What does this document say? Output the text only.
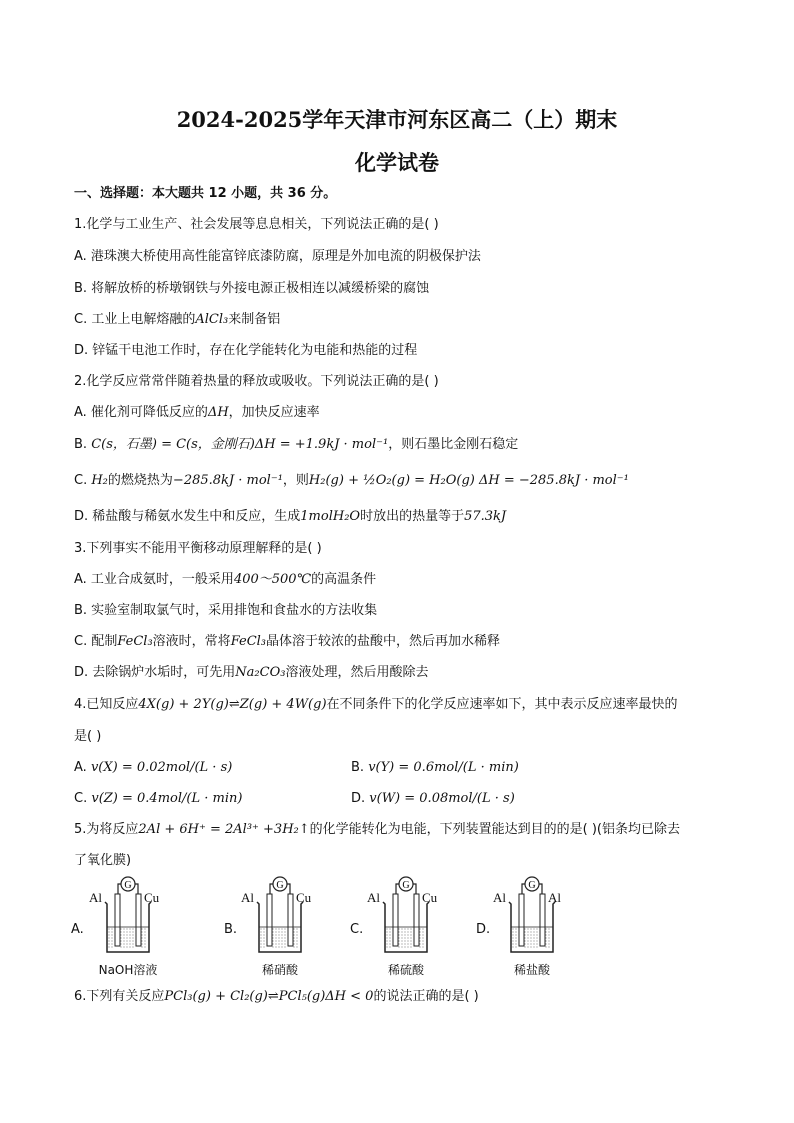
2024-2025学年天津市河东区高二（上）期末
化学试卷
一、选择题：本大题共 12 小题，共 36 分。
1.化学与工业生产、社会发展等息息相关，下列说法正确的是( )
A. 港珠澳大桥使用高性能富锌底漆防腐，原理是外加电流的阴极保护法
B. 将解放桥的桥墩钢铁与外接电源正极相连以减缓桥梁的腐蚀
C. 工业上电解熔融的AlCl₃来制备铝
D. 锌锰干电池工作时，存在化学能转化为电能和热能的过程
2.化学反应常常伴随着热量的释放或吸收。下列说法正确的是( )
A. 催化剂可降低反应的ΔH，加快反应速率
B. C(s，石墨) = C(s，金刚石)ΔH = +1.9kJ · mol⁻¹，则石墨比金刚石稳定
C. H₂的燃烧热为−285.8kJ · mol⁻¹，则H₂(g) + ½O₂(g) = H₂O(g) ΔH = −285.8kJ · mol⁻¹
D. 稀盐酸与稀氨水发生中和反应，生成1molH₂O时放出的热量等于57.3kJ
3.下列事实不能用平衡移动原理解释的是( )
A. 工业合成氨时，一般采用400～500℃的高温条件
B. 实验室制取氯气时，采用排饱和食盐水的方法收集
C. 配制FeCl₃溶液时，常将FeCl₃晶体溶于较浓的盐酸中，然后再加水稀释
D. 去除锅炉水垢时，可先用Na₂CO₃溶液处理，然后用酸除去
4.已知反应4X(g) + 2Y(g)⇌Z(g) + 4W(g)在不同条件下的化学反应速率如下，其中表示反应速率最快的
是( )
A. v(X) = 0.02mol/(L · s)	B. v(Y) = 0.6mol/(L · min)
C. v(Z) = 0.4mol/(L · min)	D. v(W) = 0.08mol/(L · s)
5.为将反应2Al + 6H⁺ = 2Al³⁺ +3H₂↑的化学能转化为电能，下列装置能达到目的的是( )(铝条均已除去
了氧化膜)
A.
G
Al	Cu
NaOH溶液
B.
G
Al	Cu
稀硝酸
C.
G
Al	Cu
稀硫酸
D.
G
Al	Al
稀盐酸
6.下列有关反应PCl₃(g) + Cl₂(g)⇌PCl₅(g)ΔH < 0的说法正确的是( )
